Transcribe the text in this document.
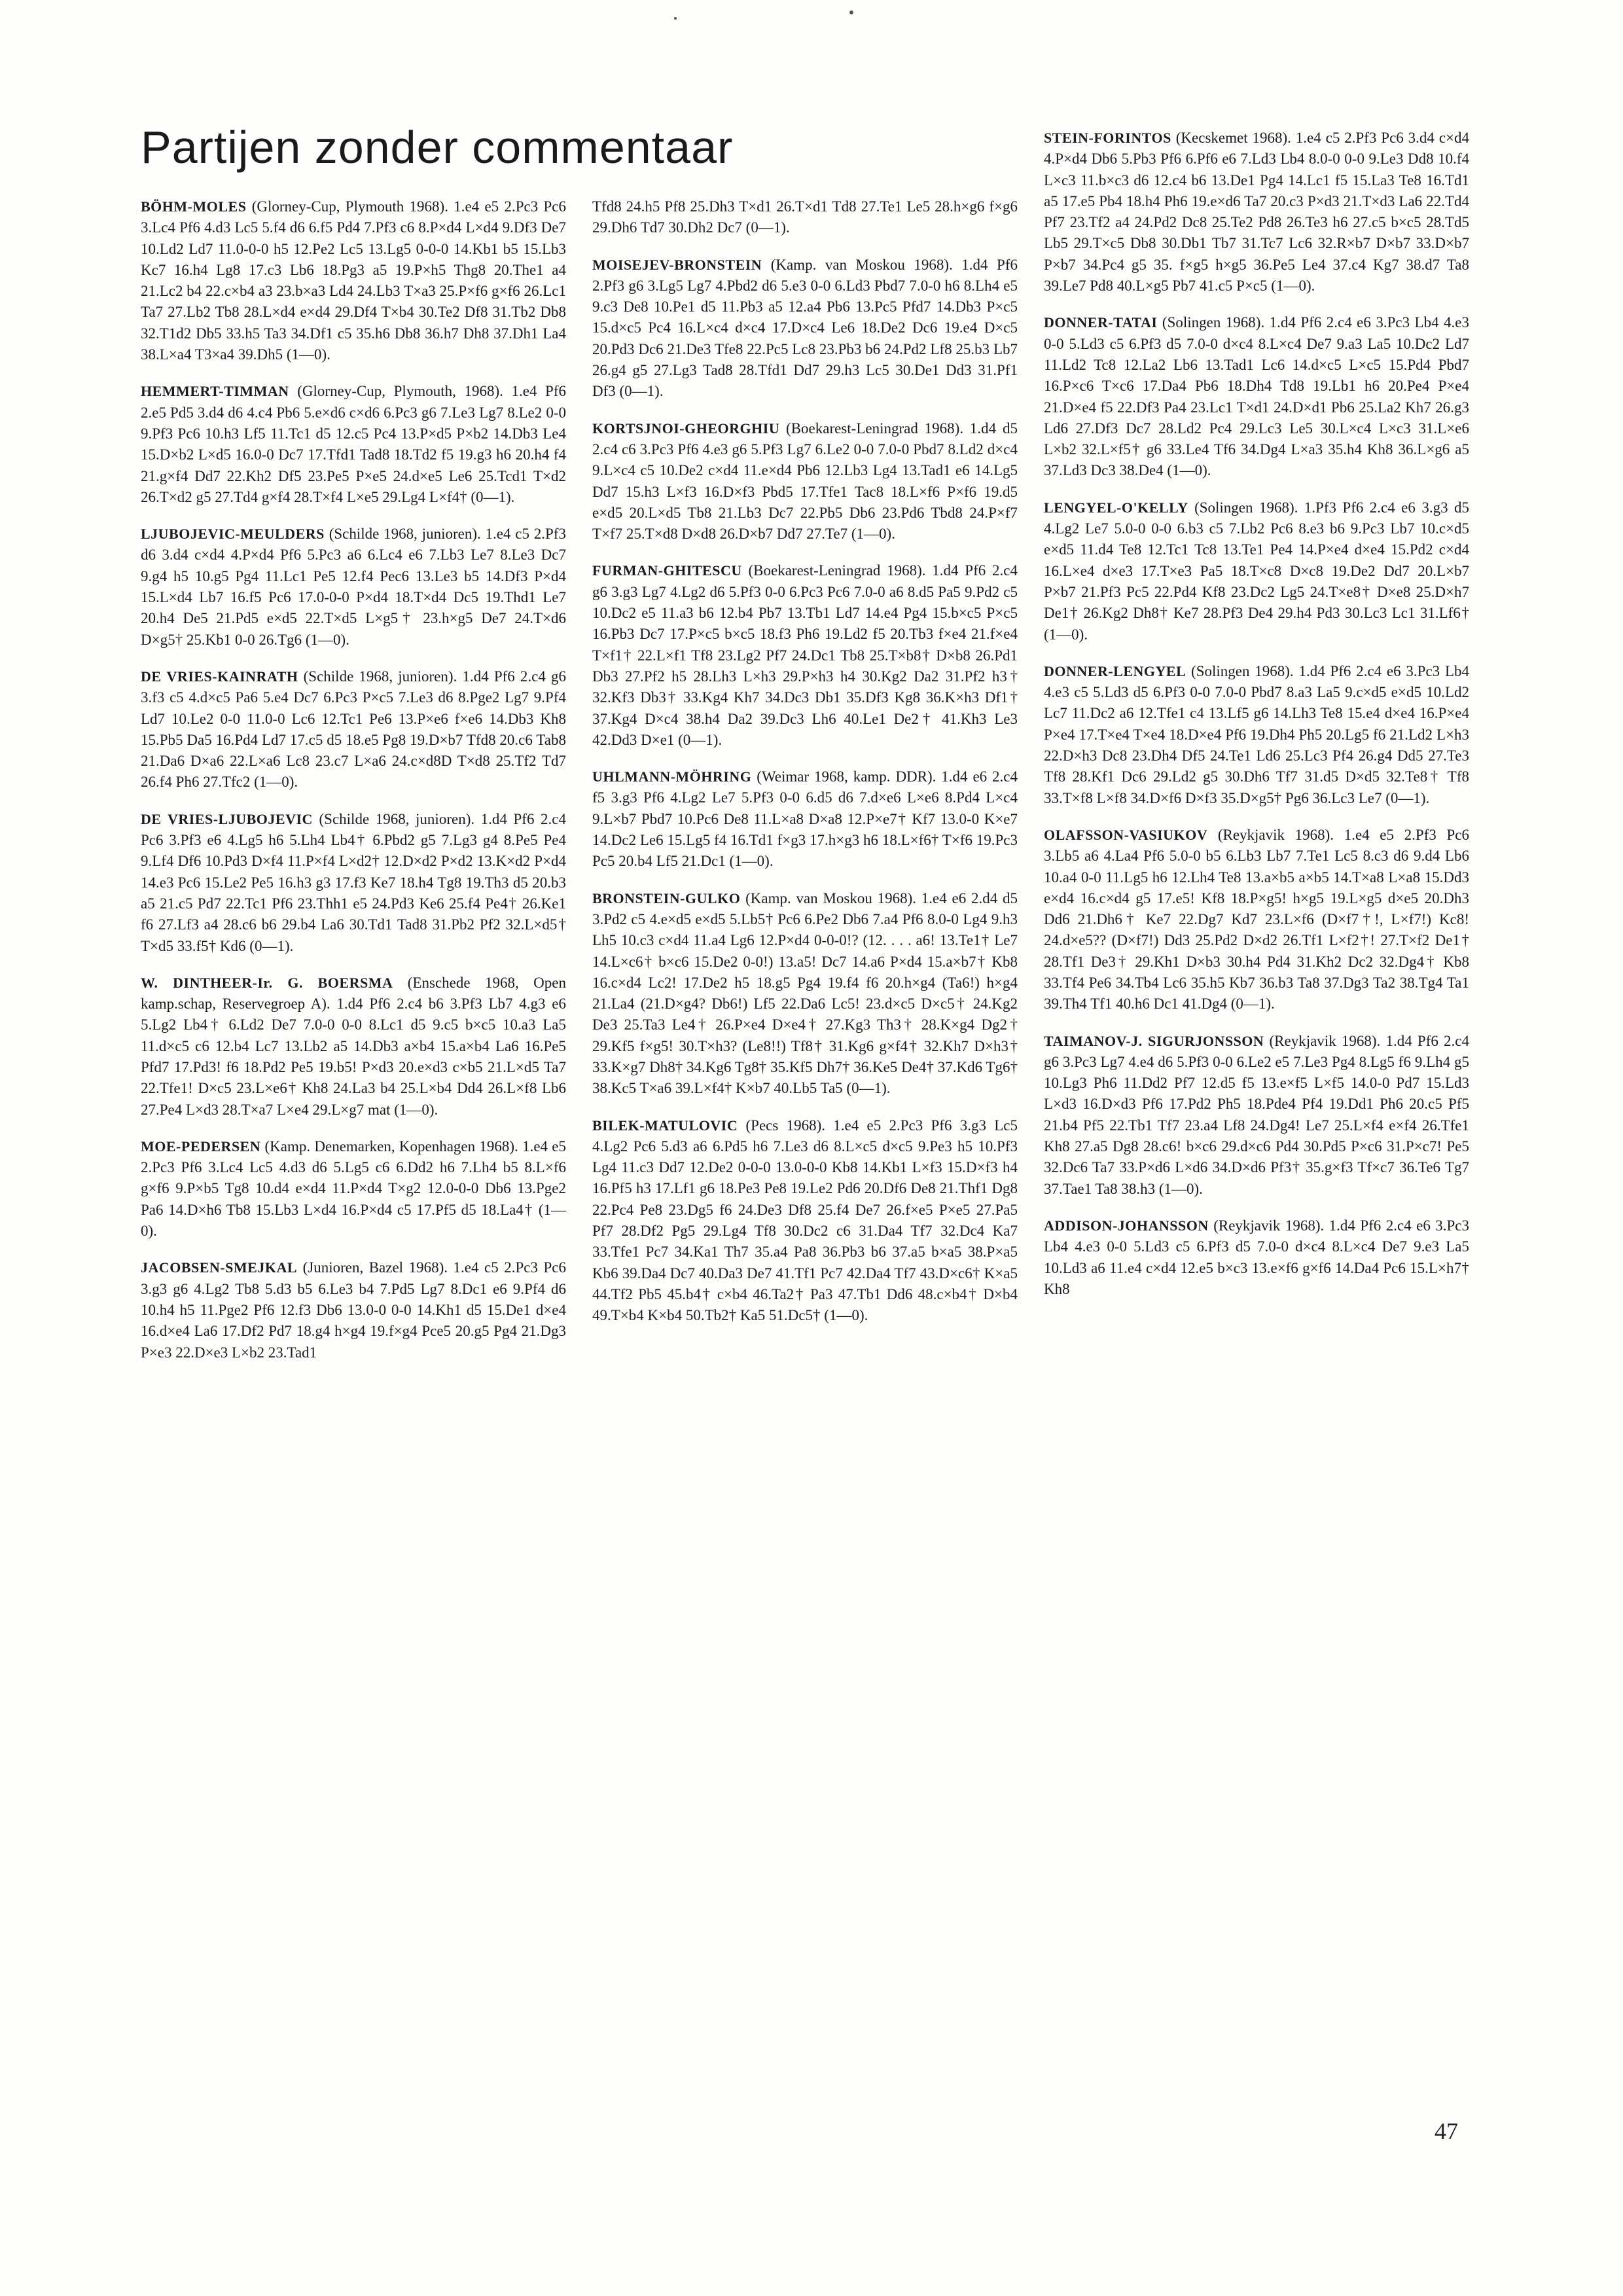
Partijen zonder commentaar

BÖHM-MOLES (Glorney-Cup, Plymouth 1968). 1.e4 e5 2.Pc3 Pc6 3.Lc4 Pf6 4.d3 Lc5 5.f4 d6 6.f5 Pd4 7.Pf3 c6 8.P×d4 L×d4 9.Df3 De7 10.Ld2 Ld7 11.0-0-0 h5 12.Pe2 Lc5 13.Lg5 0-0-0 14.Kb1 b5 15.Lb3 Kc7 16.h4 Lg8 17.c3 Lb6 18.Pg3 a5 19.P×h5 Thg8 20.The1 a4 21.Lc2 b4 22.c×b4 a3 23.b×a3 Ld4 24.Lb3 T×a3 25.P×f6 g×f6 26.Lc1 Ta7 27.Lb2 Tb8 28.L×d4 e×d4 29.Df4 T×b4 30.Te2 Df8 31.Tb2 Db8 32.T1d2 Db5 33.h5 Ta3 34.Df1 c5 35.h6 Db8 36.h7 Dh8 37.Dh1 La4 38.L×a4 T3×a4 39.Dh5 (1—0).

HEMMERT-TIMMAN (Glorney-Cup, Plymouth, 1968). 1.e4 Pf6 2.e5 Pd5 3.d4 d6 4.c4 Pb6 5.e×d6 c×d6 6.Pc3 g6 7.Le3 Lg7 8.Le2 0-0 9.Pf3 Pc6 10.h3 Lf5 11.Tc1 d5 12.c5 Pc4 13.P×d5 P×b2 14.Db3 Le4 15.D×b2 L×d5 16.0-0 Dc7 17.Tfd1 Tad8 18.Td2 f5 19.g3 h6 20.h4 f4 21.g×f4 Dd7 22.Kh2 Df5 23.Pe5 P×e5 24.d×e5 Le6 25.Tcd1 T×d2 26.T×d2 g5 27.Td4 g×f4 28.T×f4 L×e5 29.Lg4 L×f4† (0—1).

LJUBOJEVIC-MEULDERS (Schilde 1968, junioren). 1.e4 c5 2.Pf3 d6 3.d4 c×d4 4.P×d4 Pf6 5.Pc3 a6 6.Lc4 e6 7.Lb3 Le7 8.Le3 Dc7 9.g4 h5 10.g5 Pg4 11.Lc1 Pe5 12.f4 Pec6 13.Le3 b5 14.Df3 P×d4 15.L×d4 Lb7 16.f5 Pc6 17.0-0-0 P×d4 18.T×d4 Dc5 19.Thd1 Le7 20.h4 De5 21.Pd5 e×d5 22.T×d5 L×g5† 23.h×g5 De7 24.T×d6 D×g5† 25.Kb1 0-0 26.Tg6 (1—0).

DE VRIES-KAINRATH (Schilde 1968, junioren). 1.d4 Pf6 2.c4 g6 3.f3 c5 4.d×c5 Pa6 5.e4 Dc7 6.Pc3 P×c5 7.Le3 d6 8.Pge2 Lg7 9.Pf4 Ld7 10.Le2 0-0 11.0-0 Lc6 12.Tc1 Pe6 13.P×e6 f×e6 14.Db3 Kh8 15.Pb5 Da5 16.Pd4 Ld7 17.c5 d5 18.e5 Pg8 19.D×b7 Tfd8 20.c6 Tab8 21.Da6 D×a6 22.L×a6 Lc8 23.c7 L×a6 24.c×d8D T×d8 25.Tf2 Td7 26.f4 Ph6 27.Tfc2 (1—0).

DE VRIES-LJUBOJEVIC (Schilde 1968, junioren). 1.d4 Pf6 2.c4 Pc6 3.Pf3 e6 4.Lg5 h6 5.Lh4 Lb4† 6.Pbd2 g5 7.Lg3 g4 8.Pe5 Pe4 9.Lf4 Df6 10.Pd3 D×f4 11.P×f4 L×d2† 12.D×d2 P×d2 13.K×d2 P×d4 14.e3 Pc6 15.Le2 Pe5 16.h3 g3 17.f3 Ke7 18.h4 Tg8 19.Th3 d5 20.b3 a5 21.c5 Pd7 22.Tc1 Pf6 23.Thh1 e5 24.Pd3 Ke6 25.f4 Pe4† 26.Ke1 f6 27.Lf3 a4 28.c6 b6 29.b4 La6 30.Td1 Tad8 31.Pb2 Pf2 32.L×d5† T×d5 33.f5† Kd6 (0—1).

W. DINTHEER-Ir. G. BOERSMA (Enschede 1968, Open kamp.schap, Reservegroep A). 1.d4 Pf6 2.c4 b6 3.Pf3 Lb7 4.g3 e6 5.Lg2 Lb4† 6.Ld2 De7 7.0-0 0-0 8.Lc1 d5 9.c5 b×c5 10.a3 La5 11.d×c5 c6 12.b4 Lc7 13.Lb2 a5 14.Db3 a×b4 15.a×b4 La6 16.Pe5 Pfd7 17.Pd3! f6 18.Pd2 Pe5 19.b5! P×d3 20.e×d3 c×b5 21.L×d5 Ta7 22.Tfe1! D×c5 23.L×e6† Kh8 24.La3 b4 25.L×b4 Dd4 26.L×f8 Lb6 27.Pe4 L×d3 28.T×a7 L×e4 29.L×g7 mat (1—0).

MOE-PEDERSEN (Kamp. Denemarken, Kopenhagen 1968). 1.e4 e5 2.Pc3 Pf6 3.Lc4 Lc5 4.d3 d6 5.Lg5 c6 6.Dd2 h6 7.Lh4 b5 8.L×f6 g×f6 9.P×b5 Tg8 10.d4 e×d4 11.P×d4 T×g2 12.0-0-0 Db6 13.Pge2 Pa6 14.D×h6 Tb8 15.Lb3 L×d4 16.P×d4 c5 17.Pf5 d5 18.La4† (1—0).

JACOBSEN-SMEJKAL (Junioren, Bazel 1968). 1.e4 c5 2.Pc3 Pc6 3.g3 g6 4.Lg2 Tb8 5.d3 b5 6.Le3 b4 7.Pd5 Lg7 8.Dc1 e6 9.Pf4 d6 10.h4 h5 11.Pge2 Pf6 12.f3 Db6 13.0-0 0-0 14.Kh1 d5 15.De1 d×e4 16.d×e4 La6 17.Df2 Pd7 18.g4 h×g4 19.f×g4 Pce5 20.g5 Pg4 21.Dg3 P×e3 22.D×e3 L×b2 23.Tad1

Tfd8 24.h5 Pf8 25.Dh3 T×d1 26.T×d1 Td8 27.Te1 Le5 28.h×g6 f×g6 29.Dh6 Td7 30.Dh2 Dc7 (0—1).

MOISEJEV-BRONSTEIN (Kamp. van Moskou 1968). 1.d4 Pf6 2.Pf3 g6 3.Lg5 Lg7 4.Pbd2 d6 5.e3 0-0 6.Ld3 Pbd7 7.0-0 h6 8.Lh4 e5 9.c3 De8 10.Pe1 d5 11.Pb3 a5 12.a4 Pb6 13.Pc5 Pfd7 14.Db3 P×c5 15.d×c5 Pc4 16.L×c4 d×c4 17.D×c4 Le6 18.De2 Dc6 19.e4 D×c5 20.Pd3 Dc6 21.De3 Tfe8 22.Pc5 Lc8 23.Pb3 b6 24.Pd2 Lf8 25.b3 Lb7 26.g4 g5 27.Lg3 Tad8 28.Tfd1 Dd7 29.h3 Lc5 30.De1 Dd3 31.Pf1 Df3 (0—1).

KORTSJNOI-GHEORGHIU (Boekarest-Leningrad 1968). 1.d4 d5 2.c4 c6 3.Pc3 Pf6 4.e3 g6 5.Pf3 Lg7 6.Le2 0-0 7.0-0 Pbd7 8.Ld2 d×c4 9.L×c4 c5 10.De2 c×d4 11.e×d4 Pb6 12.Lb3 Lg4 13.Tad1 e6 14.Lg5 Dd7 15.h3 L×f3 16.D×f3 Pbd5 17.Tfe1 Tac8 18.L×f6 P×f6 19.d5 e×d5 20.L×d5 Tb8 21.Lb3 Dc7 22.Pb5 Db6 23.Pd6 Tbd8 24.P×f7 T×f7 25.T×d8 D×d8 26.D×b7 Dd7 27.Te7 (1—0).

FURMAN-GHITESCU (Boekarest-Leningrad 1968). 1.d4 Pf6 2.c4 g6 3.g3 Lg7 4.Lg2 d6 5.Pf3 0-0 6.Pc3 Pc6 7.0-0 a6 8.d5 Pa5 9.Pd2 c5 10.Dc2 e5 11.a3 b6 12.b4 Pb7 13.Tb1 Ld7 14.e4 Pg4 15.b×c5 P×c5 16.Pb3 Dc7 17.P×c5 b×c5 18.f3 Ph6 19.Ld2 f5 20.Tb3 f×e4 21.f×e4 T×f1† 22.L×f1 Tf8 23.Lg2 Pf7 24.Dc1 Tb8 25.T×b8† D×b8 26.Pd1 Db3 27.Pf2 h5 28.Lh3 L×h3 29.P×h3 h4 30.Kg2 Da2 31.Pf2 h3† 32.Kf3 Db3† 33.Kg4 Kh7 34.Dc3 Db1 35.Df3 Kg8 36.K×h3 Df1† 37.Kg4 D×c4 38.h4 Da2 39.Dc3 Lh6 40.Le1 De2† 41.Kh3 Le3 42.Dd3 D×e1 (0—1).

UHLMANN-MÖHRING (Weimar 1968, kamp. DDR). 1.d4 e6 2.c4 f5 3.g3 Pf6 4.Lg2 Le7 5.Pf3 0-0 6.d5 d6 7.d×e6 L×e6 8.Pd4 L×c4 9.L×b7 Pbd7 10.Pc6 De8 11.L×a8 D×a8 12.P×e7† Kf7 13.0-0 K×e7 14.Dc2 Le6 15.Lg5 f4 16.Td1 f×g3 17.h×g3 h6 18.L×f6† T×f6 19.Pc3 Pc5 20.b4 Lf5 21.Dc1 (1—0).

BRONSTEIN-GULKO (Kamp. van Moskou 1968). 1.e4 e6 2.d4 d5 3.Pd2 c5 4.e×d5 e×d5 5.Lb5† Pc6 6.Pe2 Db6 7.a4 Pf6 8.0-0 Lg4 9.h3 Lh5 10.c3 c×d4 11.a4 Lg6 12.P×d4 0-0-0!? (12. . . . a6! 13.Te1† Le7 14.L×c6† b×c6 15.De2 0-0!) 13.a5! Dc7 14.a6 P×d4 15.a×b7† Kb8 16.c×d4 Lc2! 17.De2 h5 18.g5 Pg4 19.f4 f6 20.h×g4 (Ta6!) h×g4 21.La4 (21.D×g4? Db6!) Lf5 22.Da6 Lc5! 23.d×c5 D×c5† 24.Kg2 De3 25.Ta3 Le4† 26.P×e4 D×e4† 27.Kg3 Th3† 28.K×g4 Dg2† 29.Kf5 f×g5! 30.T×h3? (Le8!!) Tf8† 31.Kg6 g×f4† 32.Kh7 D×h3† 33.K×g7 Dh8† 34.Kg6 Tg8† 35.Kf5 Dh7† 36.Ke5 De4† 37.Kd6 Tg6† 38.Kc5 T×a6 39.L×f4† K×b7 40.Lb5 Ta5 (0—1).

BILEK-MATULOVIC (Pecs 1968). 1.e4 e5 2.Pc3 Pf6 3.g3 Lc5 4.Lg2 Pc6 5.d3 a6 6.Pd5 h6 7.Le3 d6 8.L×c5 d×c5 9.Pe3 h5 10.Pf3 Lg4 11.c3 Dd7 12.De2 0-0-0 13.0-0-0 Kb8 14.Kb1 L×f3 15.D×f3 h4 16.Pf5 h3 17.Lf1 g6 18.Pe3 Pe8 19.Le2 Pd6 20.Df6 De8 21.Thf1 Dg8 22.Pc4 Pe8 23.Dg5 f6 24.De3 Df8 25.f4 De7 26.f×e5 P×e5 27.Pa5 Pf7 28.Df2 Pg5 29.Lg4 Tf8 30.Dc2 c6 31.Da4 Tf7 32.Dc4 Ka7 33.Tfe1 Pc7 34.Ka1 Th7 35.a4 Pa8 36.Pb3 b6 37.a5 b×a5 38.P×a5 Kb6 39.Da4 Dc7 40.Da3 De7 41.Tf1 Pc7 42.Da4 Tf7 43.D×c6† K×a5 44.Tf2 Pb5 45.b4† c×b4 46.Ta2† Pa3 47.Tb1 Dd6 48.c×b4† D×b4 49.T×b4 K×b4 50.Tb2† Ka5 51.Dc5† (1—0).

STEIN-FORINTOS (Kecskemet 1968). 1.e4 c5 2.Pf3 Pc6 3.d4 c×d4 4.P×d4 Db6 5.Pb3 Pf6 6.Pf6 e6 7.Ld3 Lb4 8.0-0 0-0 9.Le3 Dd8 10.f4 L×c3 11.b×c3 d6 12.c4 b6 13.De1 Pg4 14.Lc1 f5 15.La3 Te8 16.Td1 a5 17.e5 Pb4 18.h4 Ph6 19.e×d6 Ta7 20.c3 P×d3 21.T×d3 La6 22.Td4 Pf7 23.Tf2 a4 24.Pd2 Dc8 25.Te2 Pd8 26.Te3 h6 27.c5 b×c5 28.Td5 Lb5 29.T×c5 Db8 30.Db1 Tb7 31.Tc7 Lc6 32.R×b7 D×b7 33.D×b7 P×b7 34.Pc4 g5 35. f×g5 h×g5 36.Pe5 Le4 37.c4 Kg7 38.d7 Ta8 39.Le7 Pd8 40.L×g5 Pb7 41.c5 P×c5 (1—0).

DONNER-TATAI (Solingen 1968). 1.d4 Pf6 2.c4 e6 3.Pc3 Lb4 4.e3 0-0 5.Ld3 c5 6.Pf3 d5 7.0-0 d×c4 8.L×c4 De7 9.a3 La5 10.Dc2 Ld7 11.Ld2 Tc8 12.La2 Lb6 13.Tad1 Lc6 14.d×c5 L×c5 15.Pd4 Pbd7 16.P×c6 T×c6 17.Da4 Pb6 18.Dh4 Td8 19.Lb1 h6 20.Pe4 P×e4 21.D×e4 f5 22.Df3 Pa4 23.Lc1 T×d1 24.D×d1 Pb6 25.La2 Kh7 26.g3 Ld6 27.Df3 Dc7 28.Ld2 Pc4 29.Lc3 Le5 30.L×c4 L×c3 31.L×e6 L×b2 32.L×f5† g6 33.Le4 Tf6 34.Dg4 L×a3 35.h4 Kh8 36.L×g6 a5 37.Ld3 Dc3 38.De4 (1—0).

LENGYEL-O'KELLY (Solingen 1968). 1.Pf3 Pf6 2.c4 e6 3.g3 d5 4.Lg2 Le7 5.0-0 0-0 6.b3 c5 7.Lb2 Pc6 8.e3 b6 9.Pc3 Lb7 10.c×d5 e×d5 11.d4 Te8 12.Tc1 Tc8 13.Te1 Pe4 14.P×e4 d×e4 15.Pd2 c×d4 16.L×e4 d×e3 17.T×e3 Pa5 18.T×c8 D×c8 19.De2 Dd7 20.L×b7 P×b7 21.Pf3 Pc5 22.Pd4 Kf8 23.Dc2 Lg5 24.T×e8† D×e8 25.D×h7 De1† 26.Kg2 Dh8† Ke7 28.Pf3 De4 29.h4 Pd3 30.Lc3 Lc1 31.Lf6† (1—0).

DONNER-LENGYEL (Solingen 1968). 1.d4 Pf6 2.c4 e6 3.Pc3 Lb4 4.e3 c5 5.Ld3 d5 6.Pf3 0-0 7.0-0 Pbd7 8.a3 La5 9.c×d5 e×d5 10.Ld2 Lc7 11.Dc2 a6 12.Tfe1 c4 13.Lf5 g6 14.Lh3 Te8 15.e4 d×e4 16.P×e4 P×e4 17.T×e4 T×e4 18.D×e4 Pf6 19.Dh4 Ph5 20.Lg5 f6 21.Ld2 L×h3 22.D×h3 Dc8 23.Dh4 Df5 24.Te1 Ld6 25.Lc3 Pf4 26.g4 Dd5 27.Te3 Tf8 28.Kf1 Dc6 29.Ld2 g5 30.Dh6 Tf7 31.d5 D×d5 32.Te8† Tf8 33.T×f8 L×f8 34.D×f6 D×f3 35.D×g5† Pg6 36.Lc3 Le7 (0—1).

OLAFSSON-VASIUKOV (Reykjavik 1968). 1.e4 e5 2.Pf3 Pc6 3.Lb5 a6 4.La4 Pf6 5.0-0 b5 6.Lb3 Lb7 7.Te1 Lc5 8.c3 d6 9.d4 Lb6 10.a4 0-0 11.Lg5 h6 12.Lh4 Te8 13.a×b5 a×b5 14.T×a8 L×a8 15.Dd3 e×d4 16.c×d4 g5 17.e5! Kf8 18.P×g5! h×g5 19.L×g5 d×e5 20.Dh3 Dd6 21.Dh6† Ke7 22.Dg7 Kd7 23.L×f6 (D×f7†!, L×f7!) Kc8! 24.d×e5?? (D×f7!) Dd3 25.Pd2 D×d2 26.Tf1 L×f2†! 27.T×f2 De1† 28.Tf1 De3† 29.Kh1 D×b3 30.h4 Pd4 31.Kh2 Dc2 32.Dg4† Kb8 33.Tf4 Pe6 34.Tb4 Lc6 35.h5 Kb7 36.b3 Ta8 37.Dg3 Ta2 38.Tg4 Ta1 39.Th4 Tf1 40.h6 Dc1 41.Dg4 (0—1).

TAIMANOV-J. SIGURJONSSON (Reykjavik 1968). 1.d4 Pf6 2.c4 g6 3.Pc3 Lg7 4.e4 d6 5.Pf3 0-0 6.Le2 e5 7.Le3 Pg4 8.Lg5 f6 9.Lh4 g5 10.Lg3 Ph6 11.Dd2 Pf7 12.d5 f5 13.e×f5 L×f5 14.0-0 Pd7 15.Ld3 L×d3 16.D×d3 Pf6 17.Pd2 Ph5 18.Pde4 Pf4 19.Dd1 Ph6 20.c5 Pf5 21.b4 Pf5 22.Tb1 Tf7 23.a4 Lf8 24.Dg4! Le7 25.L×f4 e×f4 26.Tfe1 Kh8 27.a5 Dg8 28.c6! b×c6 29.d×c6 Pd4 30.Pd5 P×c6 31.P×c7! Pe5 32.Dc6 Ta7 33.P×d6 L×d6 34.D×d6 Pf3† 35.g×f3 Tf×c7 36.Te6 Tg7 37.Tae1 Ta8 38.h3 (1—0).

ADDISON-JOHANSSON (Reykjavik 1968). 1.d4 Pf6 2.c4 e6 3.Pc3 Lb4 4.e3 0-0 5.Ld3 c5 6.Pf3 d5 7.0-0 d×c4 8.L×c4 De7 9.e3 La5 10.Ld3 a6 11.e4 c×d4 12.e5 b×c3 13.e×f6 g×f6 14.Da4 Pc6 15.L×h7† Kh8

47
